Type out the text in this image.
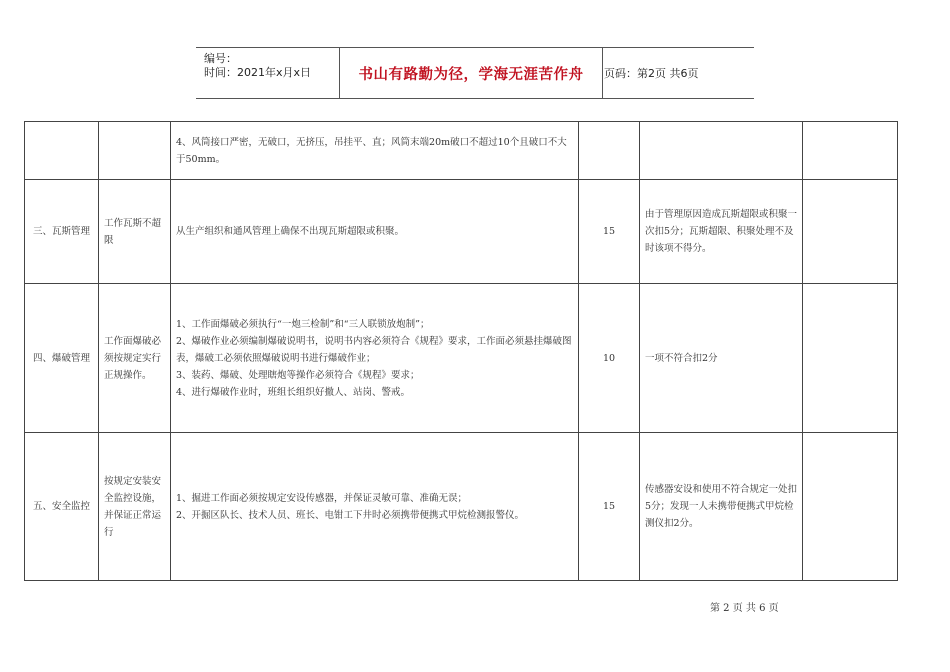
编号：
时间：2021年x月x日	书山有路勤为径，学海无涯苦作舟	页码：第2页 共6页

		4、风筒接口严密，无破口，无挤压，吊挂平、直；风筒末端20m破口不超过10个且破口不大于50mm。			

三、瓦斯管理	工作瓦斯不超限	从生产组织和通风管理上确保不出现瓦斯超限或积聚。	15	由于管理原因造成瓦斯超限或积聚一次扣5分；瓦斯超限、积聚处理不及时该项不得分。	
四、爆破管理	工作面爆破必须按规定实行正规操作。	1、工作面爆破必须执行“一炮三检制”和“三人联锁放炮制”；
2、爆破作业必须编制爆破说明书，说明书内容必须符合《规程》要求，工作面必须悬挂爆破图表，爆破工必须依照爆破说明书进行爆破作业；
3、装药、爆破、处理瞎炮等操作必须符合《规程》要求；
4、进行爆破作业时，班组长组织好撤人、站岗、警戒。	10	一项不符合扣2分	
五、安全监控	按规定安装安全监控设施，并保证正常运行	1、掘进工作面必须按规定安设传感器，并保证灵敏可靠、准确无误；
2、开掘区队长、技术人员、班长、电钳工下井时必须携带便携式甲烷检测报警仪。	15	传感器安设和使用不符合规定一处扣5分；发现一人未携带便携式甲烷检测仪扣2分。	
第 2 页 共 6 页
